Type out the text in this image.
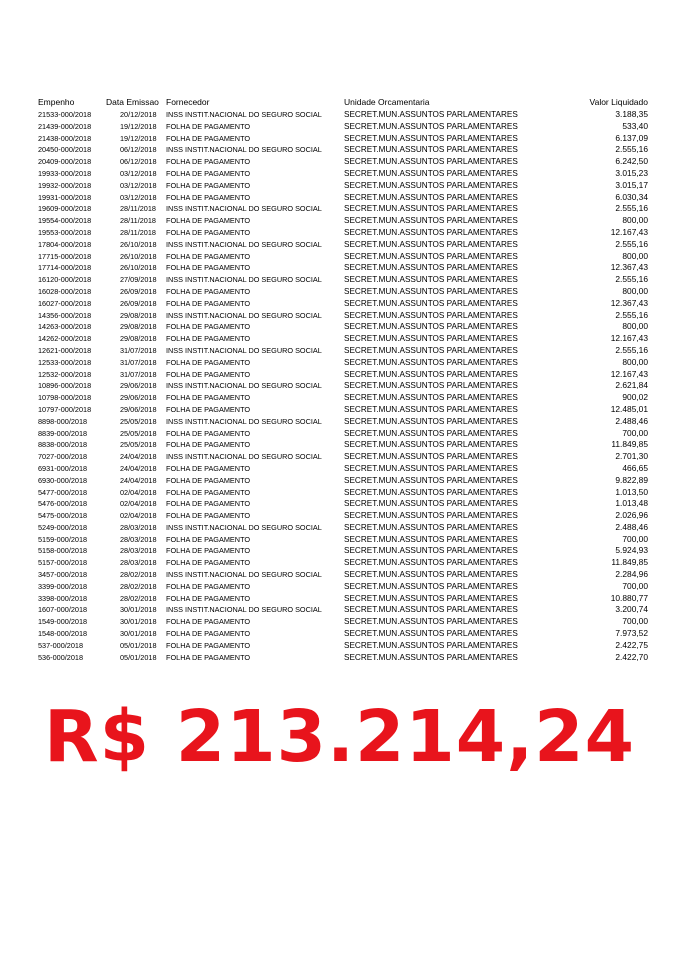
Empenho	Data Emissao Fornecedor	Unidade Orcamentaria	Valor Liquidado
21533-000/2018	20/12/2018 INSS INSTIT.NACIONAL DO SEGURO SOCIAL	SECRET.MUN.ASSUNTOS PARLAMENTARES	3.188,35
21439-000/2018	19/12/2018 FOLHA DE PAGAMENTO	SECRET.MUN.ASSUNTOS PARLAMENTARES	533,40
21438-000/2018	19/12/2018 FOLHA DE PAGAMENTO	SECRET.MUN.ASSUNTOS PARLAMENTARES	6.137,09
20450-000/2018	06/12/2018 INSS INSTIT.NACIONAL DO SEGURO SOCIAL	SECRET.MUN.ASSUNTOS PARLAMENTARES	2.555,16
20409-000/2018	06/12/2018 FOLHA DE PAGAMENTO	SECRET.MUN.ASSUNTOS PARLAMENTARES	6.242,50
19933-000/2018	03/12/2018 FOLHA DE PAGAMENTO	SECRET.MUN.ASSUNTOS PARLAMENTARES	3.015,23
19932-000/2018	03/12/2018 FOLHA DE PAGAMENTO	SECRET.MUN.ASSUNTOS PARLAMENTARES	3.015,17
19931-000/2018	03/12/2018 FOLHA DE PAGAMENTO	SECRET.MUN.ASSUNTOS PARLAMENTARES	6.030,34
19609-000/2018	28/11/2018 INSS INSTIT.NACIONAL DO SEGURO SOCIAL	SECRET.MUN.ASSUNTOS PARLAMENTARES	2.555,16
19554-000/2018	28/11/2018 FOLHA DE PAGAMENTO	SECRET.MUN.ASSUNTOS PARLAMENTARES	800,00
19553-000/2018	28/11/2018 FOLHA DE PAGAMENTO	SECRET.MUN.ASSUNTOS PARLAMENTARES	12.167,43
17804-000/2018	26/10/2018 INSS INSTIT.NACIONAL DO SEGURO SOCIAL	SECRET.MUN.ASSUNTOS PARLAMENTARES	2.555,16
17715-000/2018	26/10/2018 FOLHA DE PAGAMENTO	SECRET.MUN.ASSUNTOS PARLAMENTARES	800,00
17714-000/2018	26/10/2018 FOLHA DE PAGAMENTO	SECRET.MUN.ASSUNTOS PARLAMENTARES	12.367,43
16120-000/2018	27/09/2018 INSS INSTIT.NACIONAL DO SEGURO SOCIAL	SECRET.MUN.ASSUNTOS PARLAMENTARES	2.555,16
16028-000/2018	26/09/2018 FOLHA DE PAGAMENTO	SECRET.MUN.ASSUNTOS PARLAMENTARES	800,00
16027-000/2018	26/09/2018 FOLHA DE PAGAMENTO	SECRET.MUN.ASSUNTOS PARLAMENTARES	12.367,43
14356-000/2018	29/08/2018 INSS INSTIT.NACIONAL DO SEGURO SOCIAL	SECRET.MUN.ASSUNTOS PARLAMENTARES	2.555,16
14263-000/2018	29/08/2018 FOLHA DE PAGAMENTO	SECRET.MUN.ASSUNTOS PARLAMENTARES	800,00
14262-000/2018	29/08/2018 FOLHA DE PAGAMENTO	SECRET.MUN.ASSUNTOS PARLAMENTARES	12.167,43
12621-000/2018	31/07/2018 INSS INSTIT.NACIONAL DO SEGURO SOCIAL	SECRET.MUN.ASSUNTOS PARLAMENTARES	2.555,16
12533-000/2018	31/07/2018 FOLHA DE PAGAMENTO	SECRET.MUN.ASSUNTOS PARLAMENTARES	800,00
12532-000/2018	31/07/2018 FOLHA DE PAGAMENTO	SECRET.MUN.ASSUNTOS PARLAMENTARES	12.167,43
10896-000/2018	29/06/2018 INSS INSTIT.NACIONAL DO SEGURO SOCIAL	SECRET.MUN.ASSUNTOS PARLAMENTARES	2.621,84
10798-000/2018	29/06/2018 FOLHA DE PAGAMENTO	SECRET.MUN.ASSUNTOS PARLAMENTARES	900,02
10797-000/2018	29/06/2018 FOLHA DE PAGAMENTO	SECRET.MUN.ASSUNTOS PARLAMENTARES	12.485,01
8898-000/2018	25/05/2018 INSS INSTIT.NACIONAL DO SEGURO SOCIAL	SECRET.MUN.ASSUNTOS PARLAMENTARES	2.488,46
8839-000/2018	25/05/2018 FOLHA DE PAGAMENTO	SECRET.MUN.ASSUNTOS PARLAMENTARES	700,00
8838-000/2018	25/05/2018 FOLHA DE PAGAMENTO	SECRET.MUN.ASSUNTOS PARLAMENTARES	11.849,85
7027-000/2018	24/04/2018 INSS INSTIT.NACIONAL DO SEGURO SOCIAL	SECRET.MUN.ASSUNTOS PARLAMENTARES	2.701,30
6931-000/2018	24/04/2018 FOLHA DE PAGAMENTO	SECRET.MUN.ASSUNTOS PARLAMENTARES	466,65
6930-000/2018	24/04/2018 FOLHA DE PAGAMENTO	SECRET.MUN.ASSUNTOS PARLAMENTARES	9.822,89
5477-000/2018	02/04/2018 FOLHA DE PAGAMENTO	SECRET.MUN.ASSUNTOS PARLAMENTARES	1.013,50
5476-000/2018	02/04/2018 FOLHA DE PAGAMENTO	SECRET.MUN.ASSUNTOS PARLAMENTARES	1.013,48
5475-000/2018	02/04/2018 FOLHA DE PAGAMENTO	SECRET.MUN.ASSUNTOS PARLAMENTARES	2.026,96
5249-000/2018	28/03/2018 INSS INSTIT.NACIONAL DO SEGURO SOCIAL	SECRET.MUN.ASSUNTOS PARLAMENTARES	2.488,46
5159-000/2018	28/03/2018 FOLHA DE PAGAMENTO	SECRET.MUN.ASSUNTOS PARLAMENTARES	700,00
5158-000/2018	28/03/2018 FOLHA DE PAGAMENTO	SECRET.MUN.ASSUNTOS PARLAMENTARES	5.924,93
5157-000/2018	28/03/2018 FOLHA DE PAGAMENTO	SECRET.MUN.ASSUNTOS PARLAMENTARES	11.849,85
3457-000/2018	28/02/2018 INSS INSTIT.NACIONAL DO SEGURO SOCIAL	SECRET.MUN.ASSUNTOS PARLAMENTARES	2.284,96
3399-000/2018	28/02/2018 FOLHA DE PAGAMENTO	SECRET.MUN.ASSUNTOS PARLAMENTARES	700,00
3398-000/2018	28/02/2018 FOLHA DE PAGAMENTO	SECRET.MUN.ASSUNTOS PARLAMENTARES	10.880,77
1607-000/2018	30/01/2018 INSS INSTIT.NACIONAL DO SEGURO SOCIAL	SECRET.MUN.ASSUNTOS PARLAMENTARES	3.200,74
1549-000/2018	30/01/2018 FOLHA DE PAGAMENTO	SECRET.MUN.ASSUNTOS PARLAMENTARES	700,00
1548-000/2018	30/01/2018 FOLHA DE PAGAMENTO	SECRET.MUN.ASSUNTOS PARLAMENTARES	7.973,52
537-000/2018	05/01/2018 FOLHA DE PAGAMENTO	SECRET.MUN.ASSUNTOS PARLAMENTARES	2.422,75
536-000/2018	05/01/2018 FOLHA DE PAGAMENTO	SECRET.MUN.ASSUNTOS PARLAMENTARES	2.422,70
R$ 213.214,24
